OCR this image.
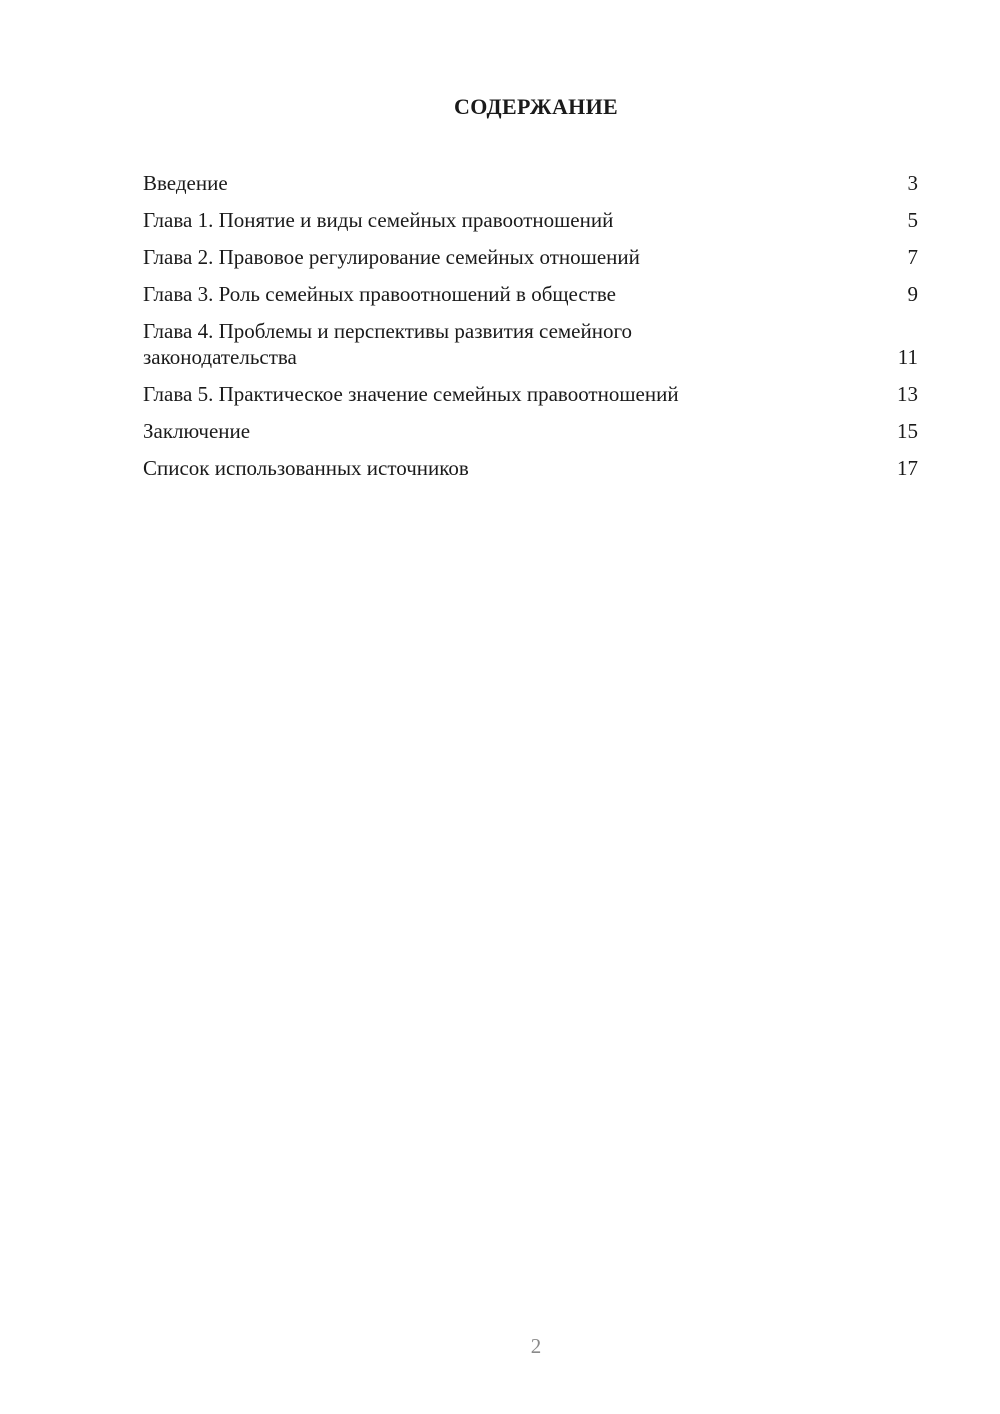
СОДЕРЖАНИЕ
Введение	3
Глава 1. Понятие и виды семейных правоотношений	5
Глава 2. Правовое регулирование семейных отношений	7
Глава 3. Роль семейных правоотношений в обществе	9
Глава 4. Проблемы и перспективы развития семейного законодательства	11
Глава 5. Практическое значение семейных правоотношений	13
Заключение	15
Список использованных источников	17
2
